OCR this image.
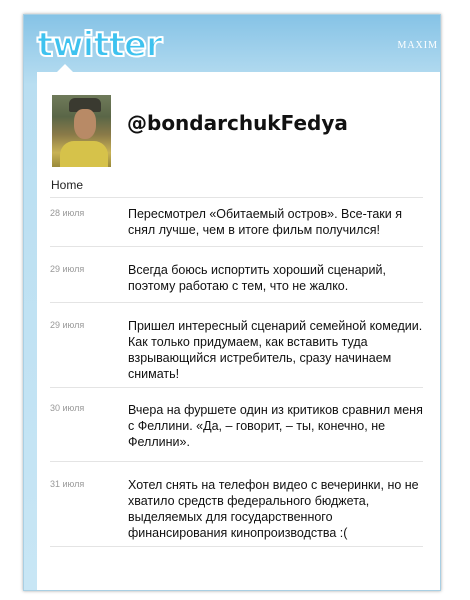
twitter	MAXIM
@bondarchukFedya
Home
28 июля	Пересмотрел «Обитаемый остров». Все-таки я снял лучше, чем в итоге фильм получился!
29 июля	Всегда боюсь испортить хороший сценарий, поэтому работаю с тем, что не жалко.
29 июля	Пришел интересный сценарий семейной комедии. Как только придумаем, как вставить туда взрывающийся истребитель, сразу начинаем снимать!
30 июля	Вчера на фуршете один из критиков сравнил меня с Феллини. «Да, – говорит, – ты, конечно, не Феллини».
31 июля	Хотел снять на телефон видео с вечеринки, но не хватило средств федерального бюджета, выделяемых для государственного финансирования кинопроизводства :(
